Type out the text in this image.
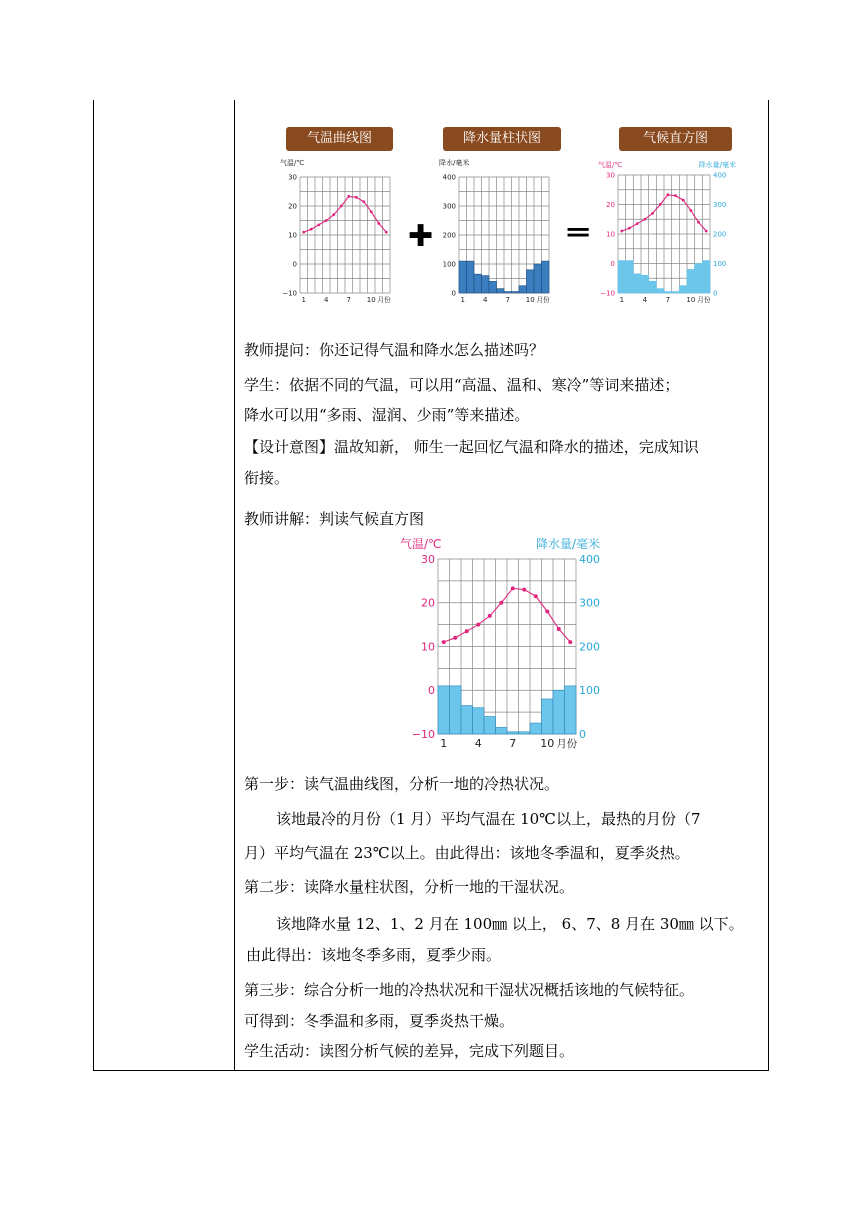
气温曲线图	降水量柱状图	气候直方图
气温/℃
30
20
10
0
−10
1	4	7 10 月份
✚
降水/毫米
1	4	7 10 月份
400
300
200
100
0
═
气温/℃	降水量/毫米
30
20
10
0
−10
400
300
200
100
0
1	4	7 10 月份
教师提问：你还记得气温和降水怎么描述吗？
学生：依据不同的气温，可以用“高温、温和、寒冷”等词来描述；
降水可以用“多雨、湿润、少雨”等来描述。
【设计意图】温故知新， 师生一起回忆气温和降水的描述，完成知识
衔接。
教师讲解：判读气候直方图
气温/℃	降水量/毫米
30
20
10
0
−10
400
300
200
100
0
1	4	7 10 月份
第一步：读气温曲线图，分析一地的冷热状况。
该地最冷的月份（1 月）平均气温在 10℃以上，最热的月份（7
月）平均气温在 23℃以上。由此得出：该地冬季温和，夏季炎热。
第二步：读降水量柱状图，分析一地的干湿状况。
该地降水量 12、1、2 月在 100㎜ 以上， 6、7、8 月在 30㎜ 以下。
由此得出：该地冬季多雨，夏季少雨。
第三步：综合分析一地的冷热状况和干湿状况概括该地的气候特征。
可得到：冬季温和多雨，夏季炎热干燥。
学生活动：读图分析气候的差异，完成下列题目。
